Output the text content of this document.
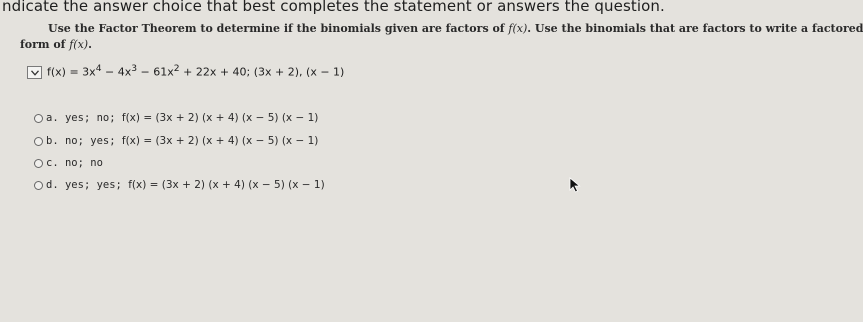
ndicate the answer choice that best completes the statement or answers the question.
Use the Factor Theorem to determine if the binomials given are factors of f(x). Use the binomials that are factors to write a factored
form of f(x).
$f(x) = 3x^4 - 4x^3 - 61x^2 + 22x + 40$; (3x + 2), (x − 1)
a. yes; no; f(x) = (3x + 2) (x + 4) (x − 5) (x − 1)
b. no; yes; f(x) = (3x + 2) (x + 4) (x − 5) (x − 1)
c. no; no
d. yes; yes; f(x) = (3x + 2) (x + 4) (x − 5) (x − 1)
